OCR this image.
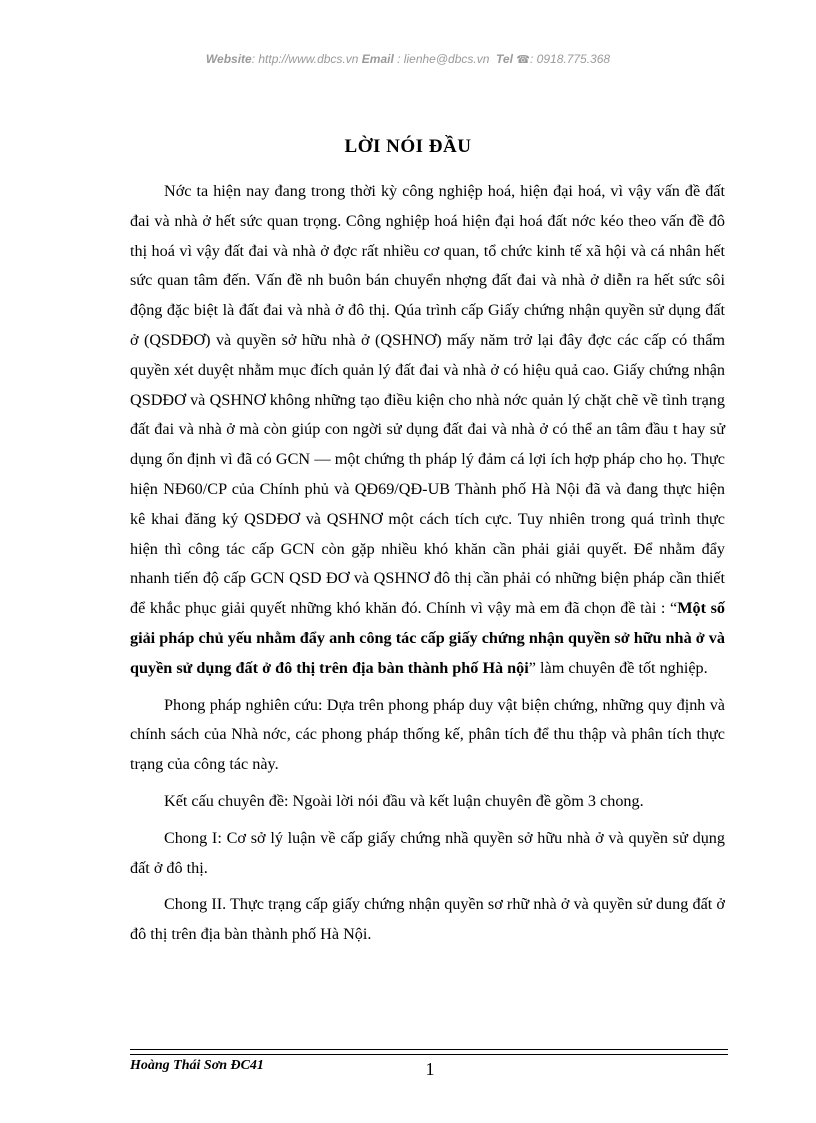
Website: http://www.dbcs.vn Email : lienhe@dbcs.vn Tel ☎: 0918.775.368
LỜI NÓI ĐẦU

Nớc ta hiện nay đang trong thời kỳ công nghiệp hoá, hiện đại hoá, vì vậy vấn đề đất đai và nhà ở hết sức quan trọng. Công nghiệp hoá hiện đại hoá đất nớc kéo theo vấn đề đô thị hoá vì vậy đất đai và nhà ở đợc rất nhiều cơ quan, tổ chức kinh tế xã hội và cá nhân hết sức quan tâm đến. Vấn đề nh buôn bán chuyển nhợng đất đai và nhà ở diễn ra hết sức sôi động đặc biệt là đất đai và nhà ở đô thị. Qúa trình cấp Giấy chứng nhận quyền sử dụng đất ở (QSDĐƠ) và quyền sở hữu nhà ở (QSHNƠ) mấy năm trở lại đây đợc các cấp có thẩm quyền xét duyệt nhằm mục đích quản lý đất đai và nhà ở có hiệu quả cao. Giấy chứng nhận QSDĐƠ và QSHNƠ không những tạo điều kiện cho nhà nớc quản lý chặt chẽ về tình trạng đất đai và nhà ở mà còn giúp con ngời sử dụng đất đai và nhà ở có thể an tâm đầu t hay sử dụng ổn định vì đã có GCN — một chứng th pháp lý đảm cá lợi ích hợp pháp cho họ. Thực hiện NĐ60/CP của Chính phủ và QĐ69/QĐ-UB Thành phố Hà Nội đã và đang thực hiện kê khai đăng ký QSDĐƠ và QSHNƠ một cách tích cực. Tuy nhiên trong quá trình thực hiện thì công tác cấp GCN còn gặp nhiều khó khăn cần phải giải quyết. Để nhằm đẩy nhanh tiến độ cấp GCN QSD ĐƠ và QSHNƠ đô thị cần phải có những biện pháp cần thiết để khắc phục giải quyết những khó khăn đó. Chính vì vậy mà em đã chọn đề tài : “Một số giải pháp chủ yếu nhằm đẩy anh công tác cấp giấy chứng nhận quyền sở hữu nhà ở và quyền sử dụng đất ở đô thị trên địa bàn thành phố Hà nội” làm chuyên đề tốt nghiệp.

Phong pháp nghiên cứu: Dựa trên phong pháp duy vật biện chứng, những quy định và chính sách của Nhà nớc, các phong pháp thống kế, phân tích để thu thập và phân tích thực trạng của công tác này.

Kết cấu chuyên đề: Ngoài lời nói đầu và kết luận chuyên đề gồm 3 chong.

Chong I: Cơ sở lý luận về cấp giấy chứng nhầ quyền sở hữu nhà ở và quyền sử dụng đất ở đô thị.

Chong II. Thực trạng cấp giấy chứng nhận quyền sơ rhữ nhà ở và quyền sử dung đất ở đô thị trên địa bàn thành phố Hà Nội.

Hoàng Thái Sơn ĐC41	1
